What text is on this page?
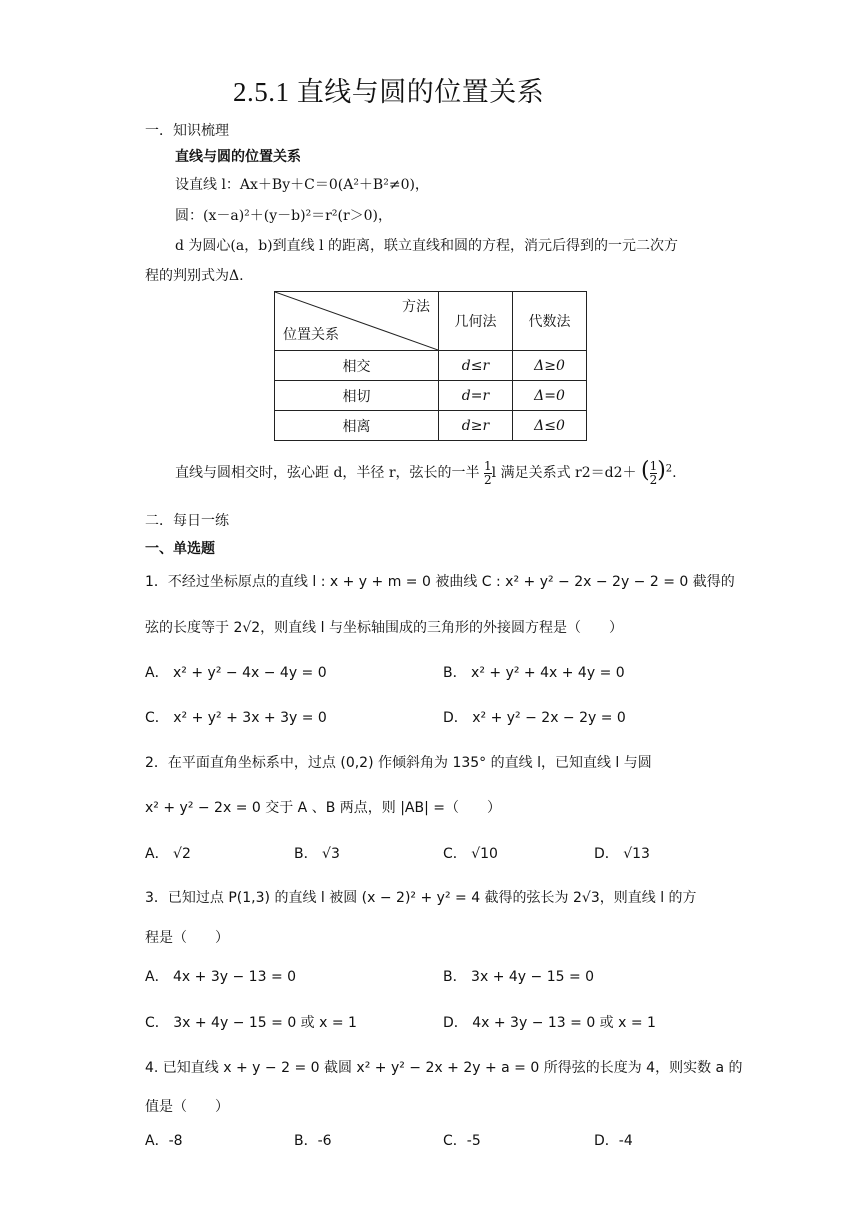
2.5.1 直线与圆的位置关系
一．知识梳理
直线与圆的位置关系
设直线 l：Ax＋By＋C＝0(A²＋B²≠0)，
圆：(x－a)²＋(y－b)²＝r²(r＞0)，
d 为圆心(a，b)到直线 l 的距离，联立直线和圆的方程，消元后得到的一元二次方
程的判别式为Δ.
方法
位置关系	几何法	代数法
相交	d≤r	Δ≥0
相切	d=r	Δ=0
相离	d≥r	Δ≤0
直线与圆相交时，弦心距 d，半径 r，弦长的一半 $\frac{1}{2}$ l 满足关系式 r2＝d2＋ ( $\frac{1}{2} )^2$.
二．每日一练
一、单选题
1．不经过坐标原点的直线 l : x + y + m = 0 被曲线 C : x² + y² − 2x − 2y − 2 = 0 截得的
弦的长度等于 2√2，则直线 l 与坐标轴围成的三角形的外接圆方程是（　　）
A． x² + y² − 4x − 4y = 0	B． x² + y² + 4x + 4y = 0
C． x² + y² + 3x + 3y = 0	D． x² + y² − 2x − 2y = 0
2．在平面直角坐标系中，过点 (0,2) 作倾斜角为 135° 的直线 l，已知直线 l 与圆
x² + y² − 2x = 0 交于 A 、B 两点，则 |AB| =（　　）
A． √2	B． √3	C． √10	D． √13
3．已知过点 P(1,3) 的直线 l 被圆 (x − 2)² + y² = 4 截得的弦长为 2√3，则直线 l 的方
程是（　　）
A． 4x + 3y − 13 = 0	B． 3x + 4y − 15 = 0
C． 3x + 4y − 15 = 0 或 x = 1	D． 4x + 3y − 13 = 0 或 x = 1
4. 已知直线 x + y − 2 = 0 截圆 x² + y² − 2x + 2y + a = 0 所得弦的长度为 4，则实数 a 的
值是（　　）
A．-8	B．-6	C．-5	D．-4
